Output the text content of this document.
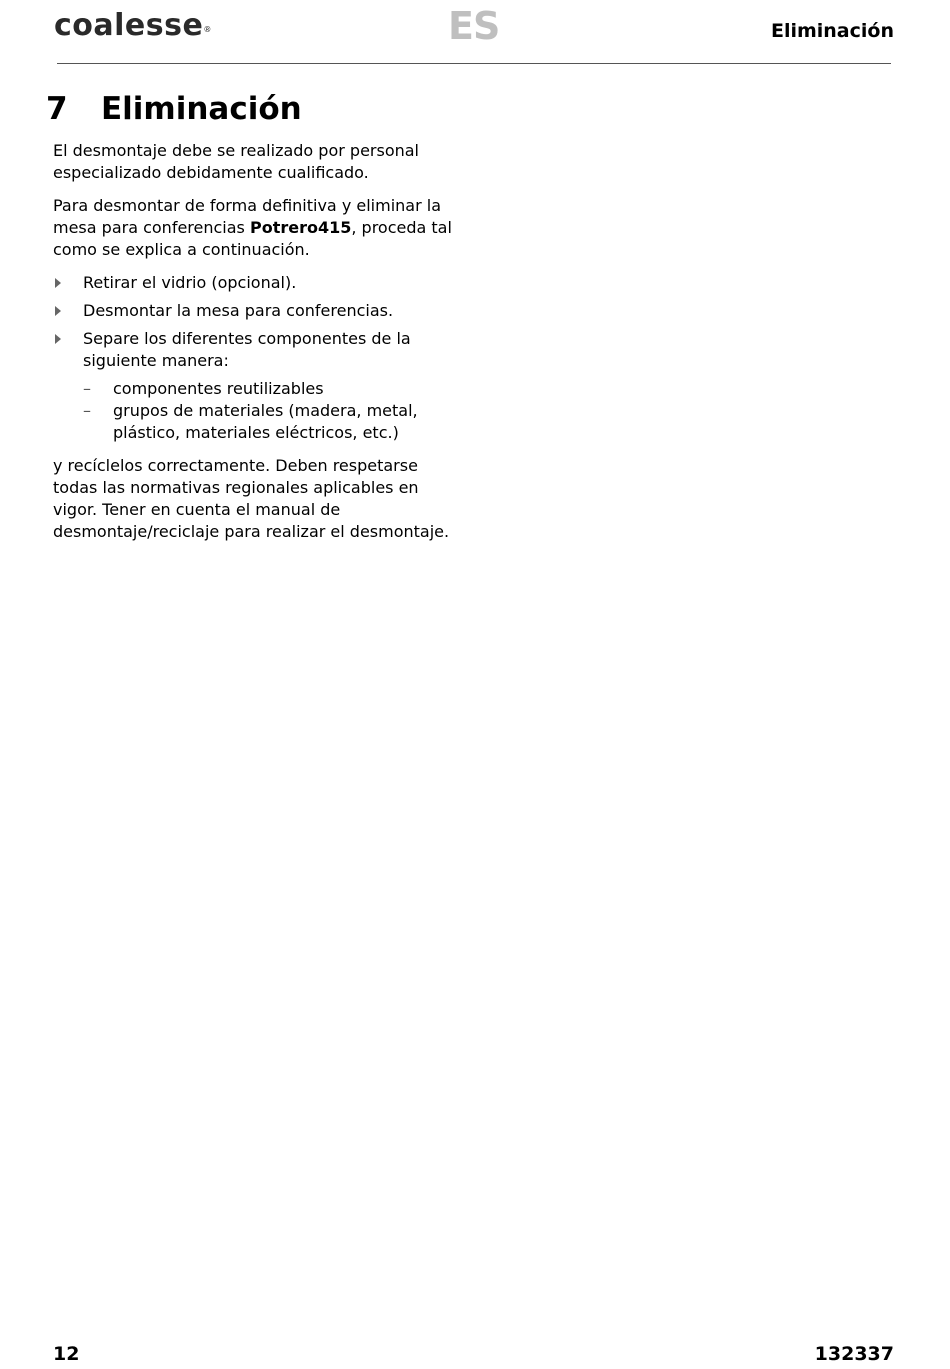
coalesse®	ES	Eliminación
7 Eliminación

El desmontaje debe se realizado por personal especializado debidamente cualificado.

Para desmontar de forma definitiva y eliminar la mesa para conferencias Potrero415, proceda tal como se explica a continuación.

Retirar el vidrio (opcional).
Desmontar la mesa para conferencias.
Separe los diferentes componentes de la siguiente manera:
– componentes reutilizables
– grupos de materiales (madera, metal, plástico, materiales eléctricos, etc.)

y recíclelos correctamente. Deben respetarse todas las normativas regionales aplicables en vigor. Tener en cuenta el manual de desmontaje/reciclaje para realizar el desmontaje.

12	132337
